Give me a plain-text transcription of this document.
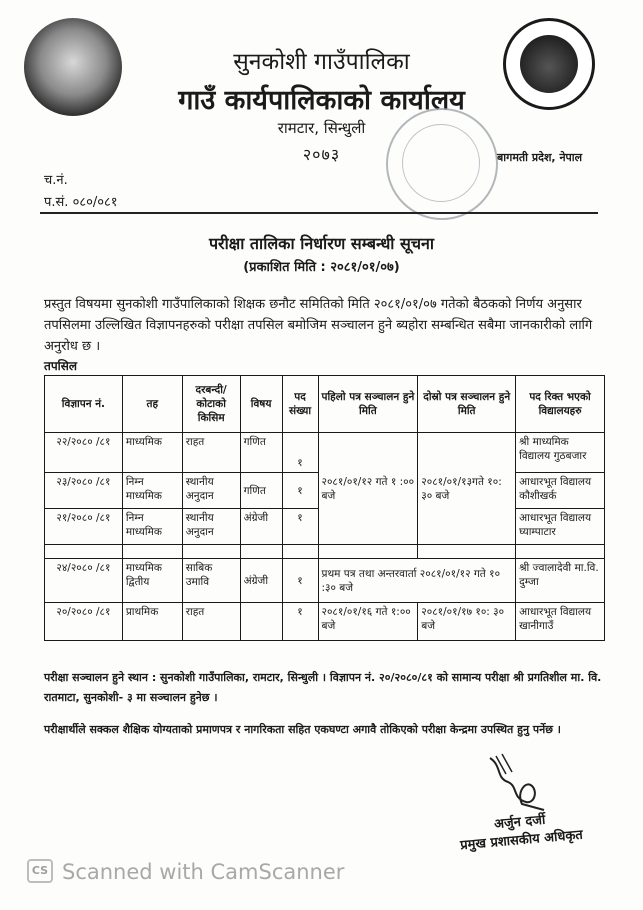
सुनकोशी गाउँपालिका
गाउँ कार्यपालिकाको कार्यालय
रामटार, सिन्धुली
२०७३	बागमती प्रदेश, नेपाल
च.नं.
प.सं. ०८०/०८१
परीक्षा तालिका निर्धारण सम्बन्धी सूचना
(प्रकाशित मिति : २०८१/०१/०७)
प्रस्तुत विषयमा सुनकोशी गाउँपालिकाको शिक्षक छनौट समितिको मिति २०८१/०१/०७ गतेको बैठकको निर्णय अनुसार तपसिलमा उल्लिखित विज्ञापनहरुको परीक्षा तपसिल बमोजिम सञ्चालन हुने ब्यहोरा सम्बन्धित सबैमा जानकारीको लागि अनुरोध छ ।
तपसिल
विज्ञापन नं.	तह	दरबन्दी/ कोटाको किसिम	विषय	पद संख्या	पहिलो पत्र सञ्चालन हुने मिति	दोस्रो पत्र सञ्चालन हुने मिति	पद रिक्त भएको विद्यालयहरु
२२/२०८० /८१	माध्यमिक	राहत	गणित	१	२०८१/०१/१२ गते १ :०० बजे	२०८१/०१/१३गते १०: ३० बजे	श्री माध्यमिक विद्यालय गुठबजार
२३/२०८० /८१	निम्न माध्यमिक	स्थानीय अनुदान	गणित	१			आधारभूत विद्यालय कौशीखर्क
२१/२०८० /८१	निम्न माध्यमिक	स्थानीय अनुदान	अंग्रेजी	१			आधारभूत विद्यालय घ्याम्पाटार

२४/२०८० /८१	माध्यमिक द्वितीय	साबिक उमावि	अंग्रेजी	१	प्रथम पत्र तथा अन्तरवार्ता २०८१/०१/१२ गते १० :३० बजे		श्री ज्वालादेवी मा.वि. दुम्जा
२०/२०८० /८१	प्राथमिक	राहत		१	२०८१/०१/१६ गते १:०० बजे	२०८१/०१/१७ १०: ३० बजे	आधारभूत विद्यालय खानीगाउँ
परीक्षा सञ्चालन हुने स्थान : सुनकोशी गाउँपालिका, रामटार, सिन्धुली । विज्ञापन नं. २०/२०८०/८१ को सामान्य परीक्षा श्री प्रगतिशील मा. वि. रातमाटा, सुनकोशी- ३ मा सञ्चालन हुनेछ ।
परीक्षार्थीले सक्कल शैक्षिक योग्यताको प्रमाणपत्र र नागरिकता सहित एकघण्टा अगावै तोकिएको परीक्षा केन्द्रमा उपस्थित हुनु पर्नेछ ।
अर्जुन दर्जी
प्रमुख प्रशासकीय अधिकृत
CS Scanned with CamScanner
